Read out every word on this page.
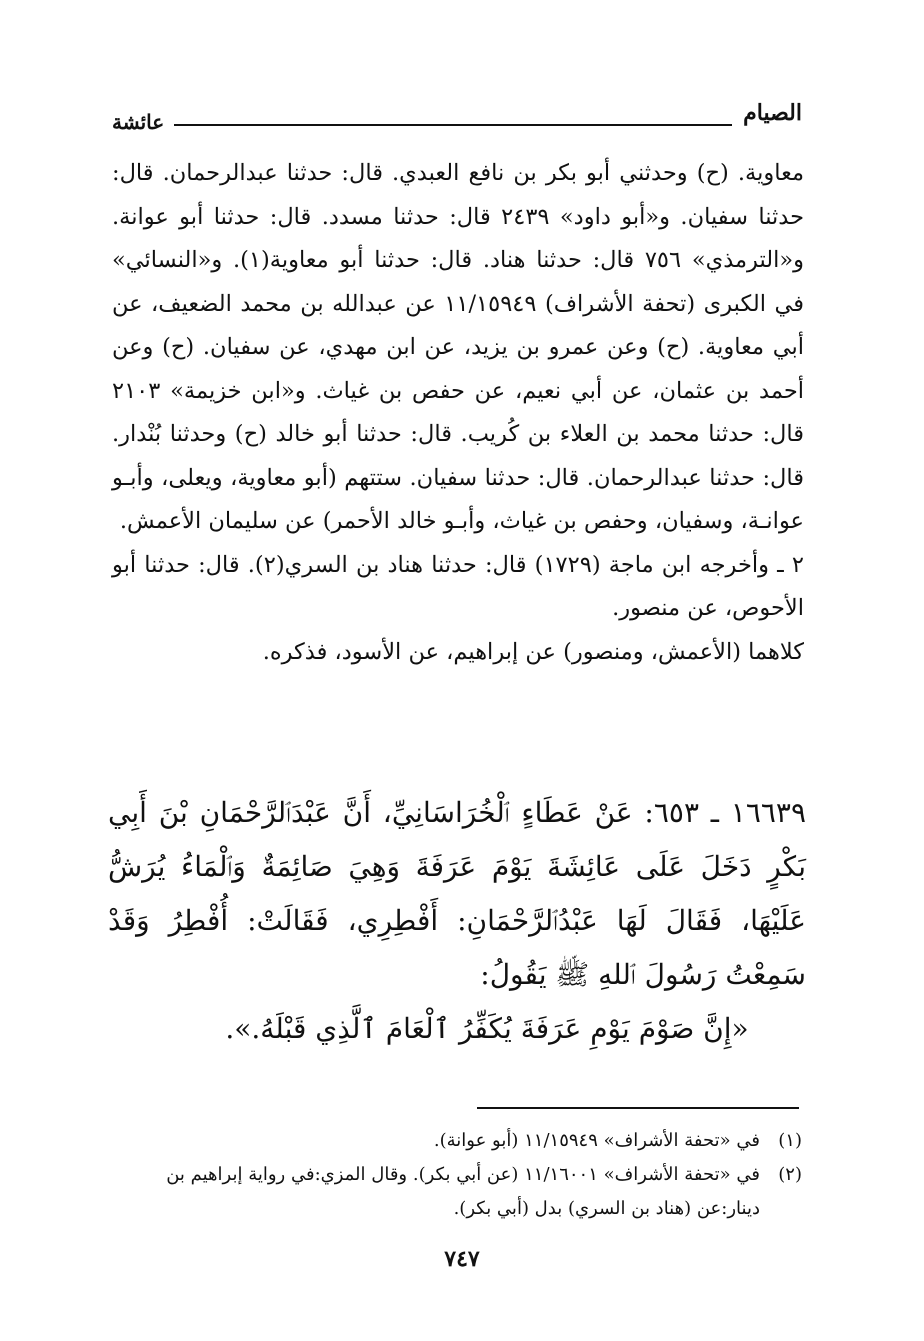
الصيام
عائشة

معاوية. (ح) وحدثني أبو بكر بن نافع العبدي. قال: حدثنا عبدالرحمان. قال: حدثنا سفيان. و«أبو داود» ٢٤٣٩ قال: حدثنا مسدد. قال: حدثنا أبو عوانة. و«الترمذي» ٧٥٦ قال: حدثنا هناد. قال: حدثنا أبو معاوية(١). و«النسائي» في الكبرى (تحفة الأشراف) ١١/١٥٩٤٩ عن عبدالله بن محمد الضعيف، عن أبي معاوية. (ح) وعن عمرو بن يزيد، عن ابن مهدي، عن سفيان. (ح) وعن أحمد بن عثمان، عن أبي نعيم، عن حفص بن غياث. و«ابن خزيمة» ٢١٠٣ قال: حدثنا محمد بن العلاء بن كُريب. قال: حدثنا أبو خالد (ح) وحدثنا بُنْدار. قال: حدثنا عبدالرحمان. قال: حدثنا سفيان. ستتهم (أبو معاوية، ويعلى، وأبـو عوانـة، وسفيان، وحفص بن غياث، وأبـو خالد الأحمر) عن سليمان الأعمش.

٢ ـ وأخرجه ابن ماجة (١٧٢٩) قال: حدثنا هناد بن السري(٢). قال: حدثنا أبو الأحوص، عن منصور.

كلاهما (الأعمش، ومنصور) عن إبراهيم، عن الأسود، فذكره.

١٦٦٣٩ ـ ٦٥٣: عَنْ عَطَاءٍ ٱلْخُرَاسَانِيِّ، أَنَّ عَبْدَٱلرَّحْمَانِ بْنَ أَبِي بَكْرٍ دَخَلَ عَلَى عَائِشَةَ يَوْمَ عَرَفَةَ وَهِيَ صَائِمَةٌ وَٱلْمَاءُ يُرَشُّ عَلَيْهَا، فَقَالَ لَهَا عَبْدُٱلرَّحْمَانِ: أَفْطِرِي، فَقَالَتْ: أُفْطِرُ وَقَدْ سَمِعْتُ رَسُولَ ٱللهِ ﷺ يَقُولُ:

«إِنَّ صَوْمَ يَوْمِ عَرَفَةَ يُكَفِّرُ ٱلْعَامَ ٱلَّذِي قَبْلَهُ.».

(١)
في «تحفة الأشراف» ١١/١٥٩٤٩ (أبو عوانة).
(٢)
في «تحفة الأشراف» ١١/١٦٠٠١ (عن أبي بكر). وقال المزي:في رواية إبراهيم بن دينار:عن (هناد بن السري) بدل (أبي بكر).
٧٤٧
